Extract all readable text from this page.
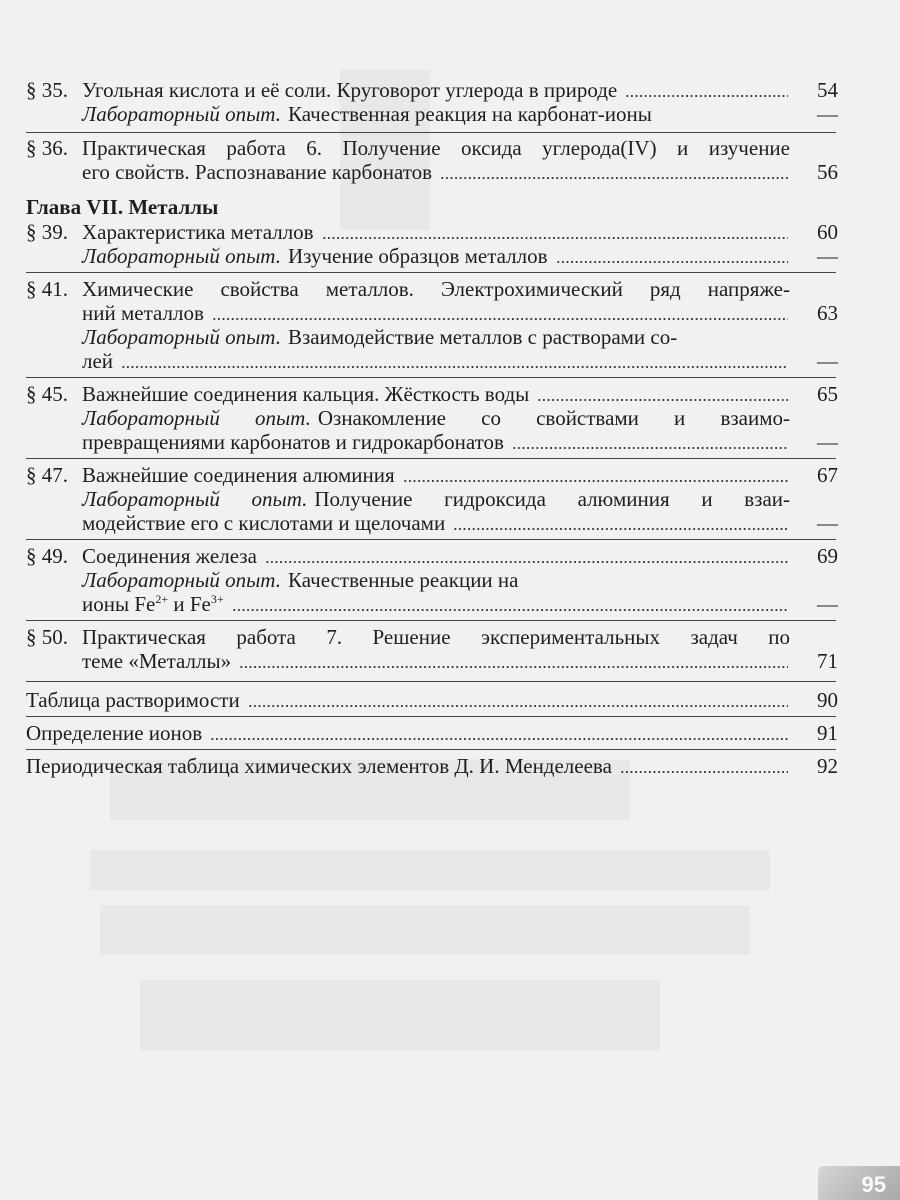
§ 35. Угольная кислота и её соли. Круговорот углерода в природе	54
Лабораторный опыт. Качественная реакция на карбонат-ионы	—
§ 36. Практическая работа 6. Получение оксида углерода(IV) и изучение
его свойств. Распознавание карбонатов	56
Глава VII. Металлы
§ 39. Характеристика металлов	60
Лабораторный опыт. Изучение образцов металлов	—
§ 41. Химические свойства металлов. Электрохимический ряд напряже-
ний металлов	63
Лабораторный опыт. Взаимодействие металлов с растворами со-
лей	—
§ 45. Важнейшие соединения кальция. Жёсткость воды	65
Лабораторный опыт. Ознакомление со свойствами и взаимо-
превращениями карбонатов и гидрокарбонатов	—
§ 47. Важнейшие соединения алюминия	67
Лабораторный опыт. Получение гидроксида алюминия и взаи-
модействие его с кислотами и щелочами	—
§ 49. Соединения железа	69
Лабораторный опыт. Качественные реакции на
ионы $Fe^{2+}$ и $Fe^{3+}$	—
§ 50. Практическая работа 7. Решение экспериментальных задач по
теме «Металлы»	71
Таблица растворимости	90
Определение ионов	91
Периодическая таблица химических элементов Д. И. Менделеева	92
95
